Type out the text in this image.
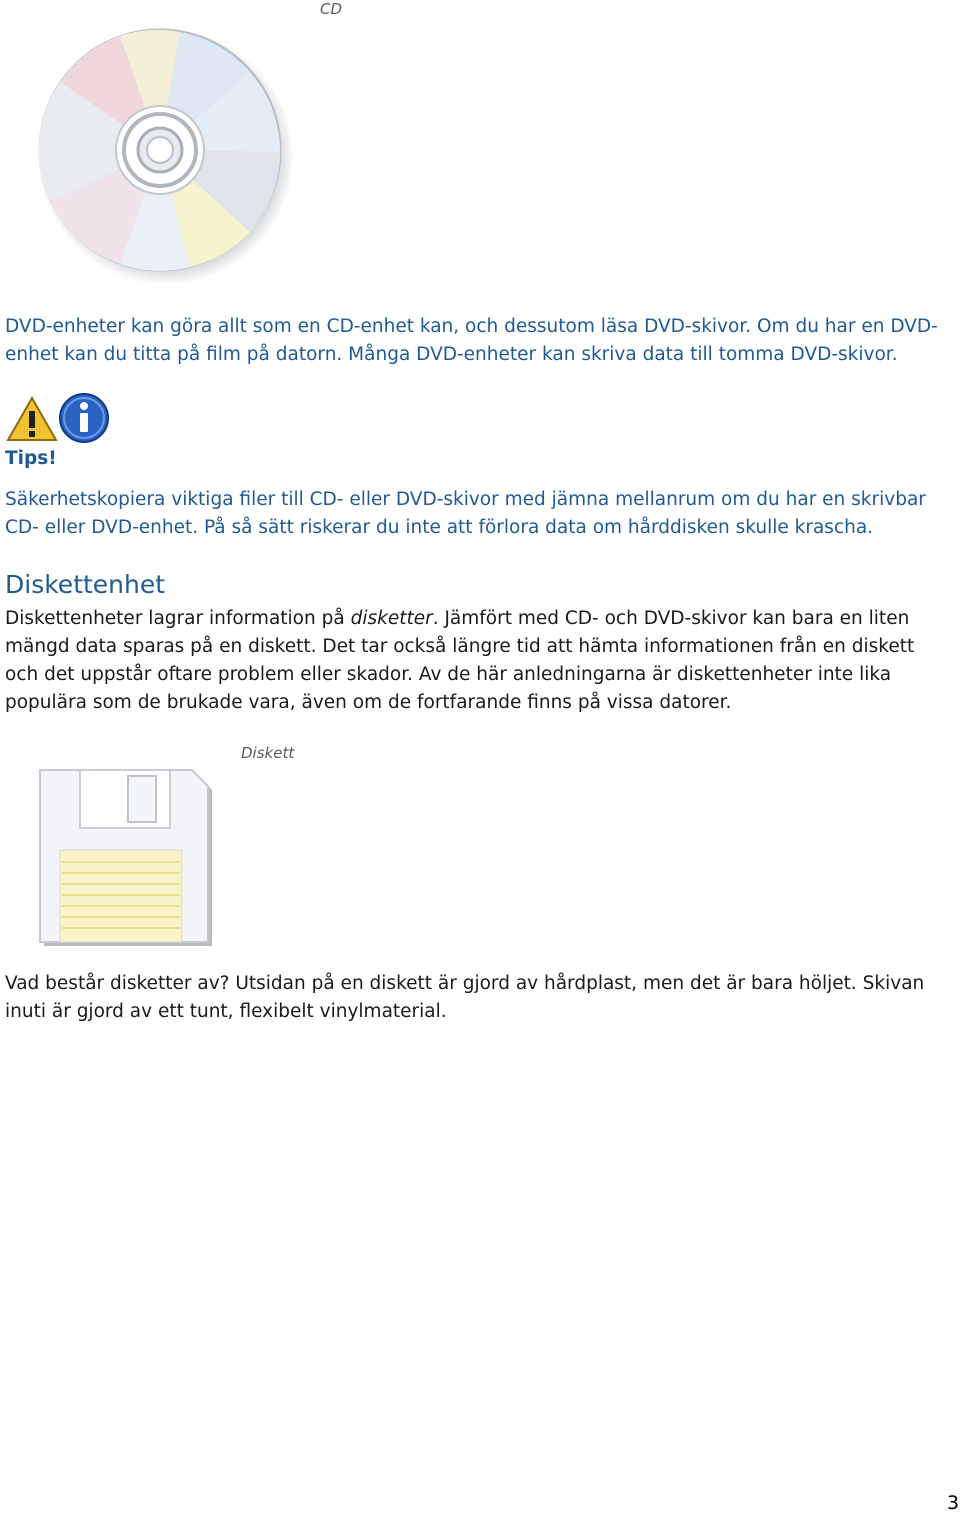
CD

DVD-enheter kan göra allt som en CD-enhet kan, och dessutom läsa DVD-skivor. Om du har en DVD-enhet kan du titta på film på datorn. Många DVD-enheter kan skriva data till tomma DVD-skivor.

Tips!

Säkerhetskopiera viktiga filer till CD- eller DVD-skivor med jämna mellanrum om du har en skrivbar CD- eller DVD-enhet. På så sätt riskerar du inte att förlora data om hårddisken skulle krascha.

Diskettenhet

Diskettenheter lagrar information på disketter. Jämfört med CD- och DVD-skivor kan bara en liten mängd data sparas på en diskett. Det tar också längre tid att hämta informationen från en diskett och det uppstår oftare problem eller skador. Av de här anledningarna är diskettenheter inte lika populära som de brukade vara, även om de fortfarande finns på vissa datorer.

Diskett

Vad består disketter av? Utsidan på en diskett är gjord av hårdplast, men det är bara höljet. Skivan inuti är gjord av ett tunt, flexibelt vinylmaterial.

3
